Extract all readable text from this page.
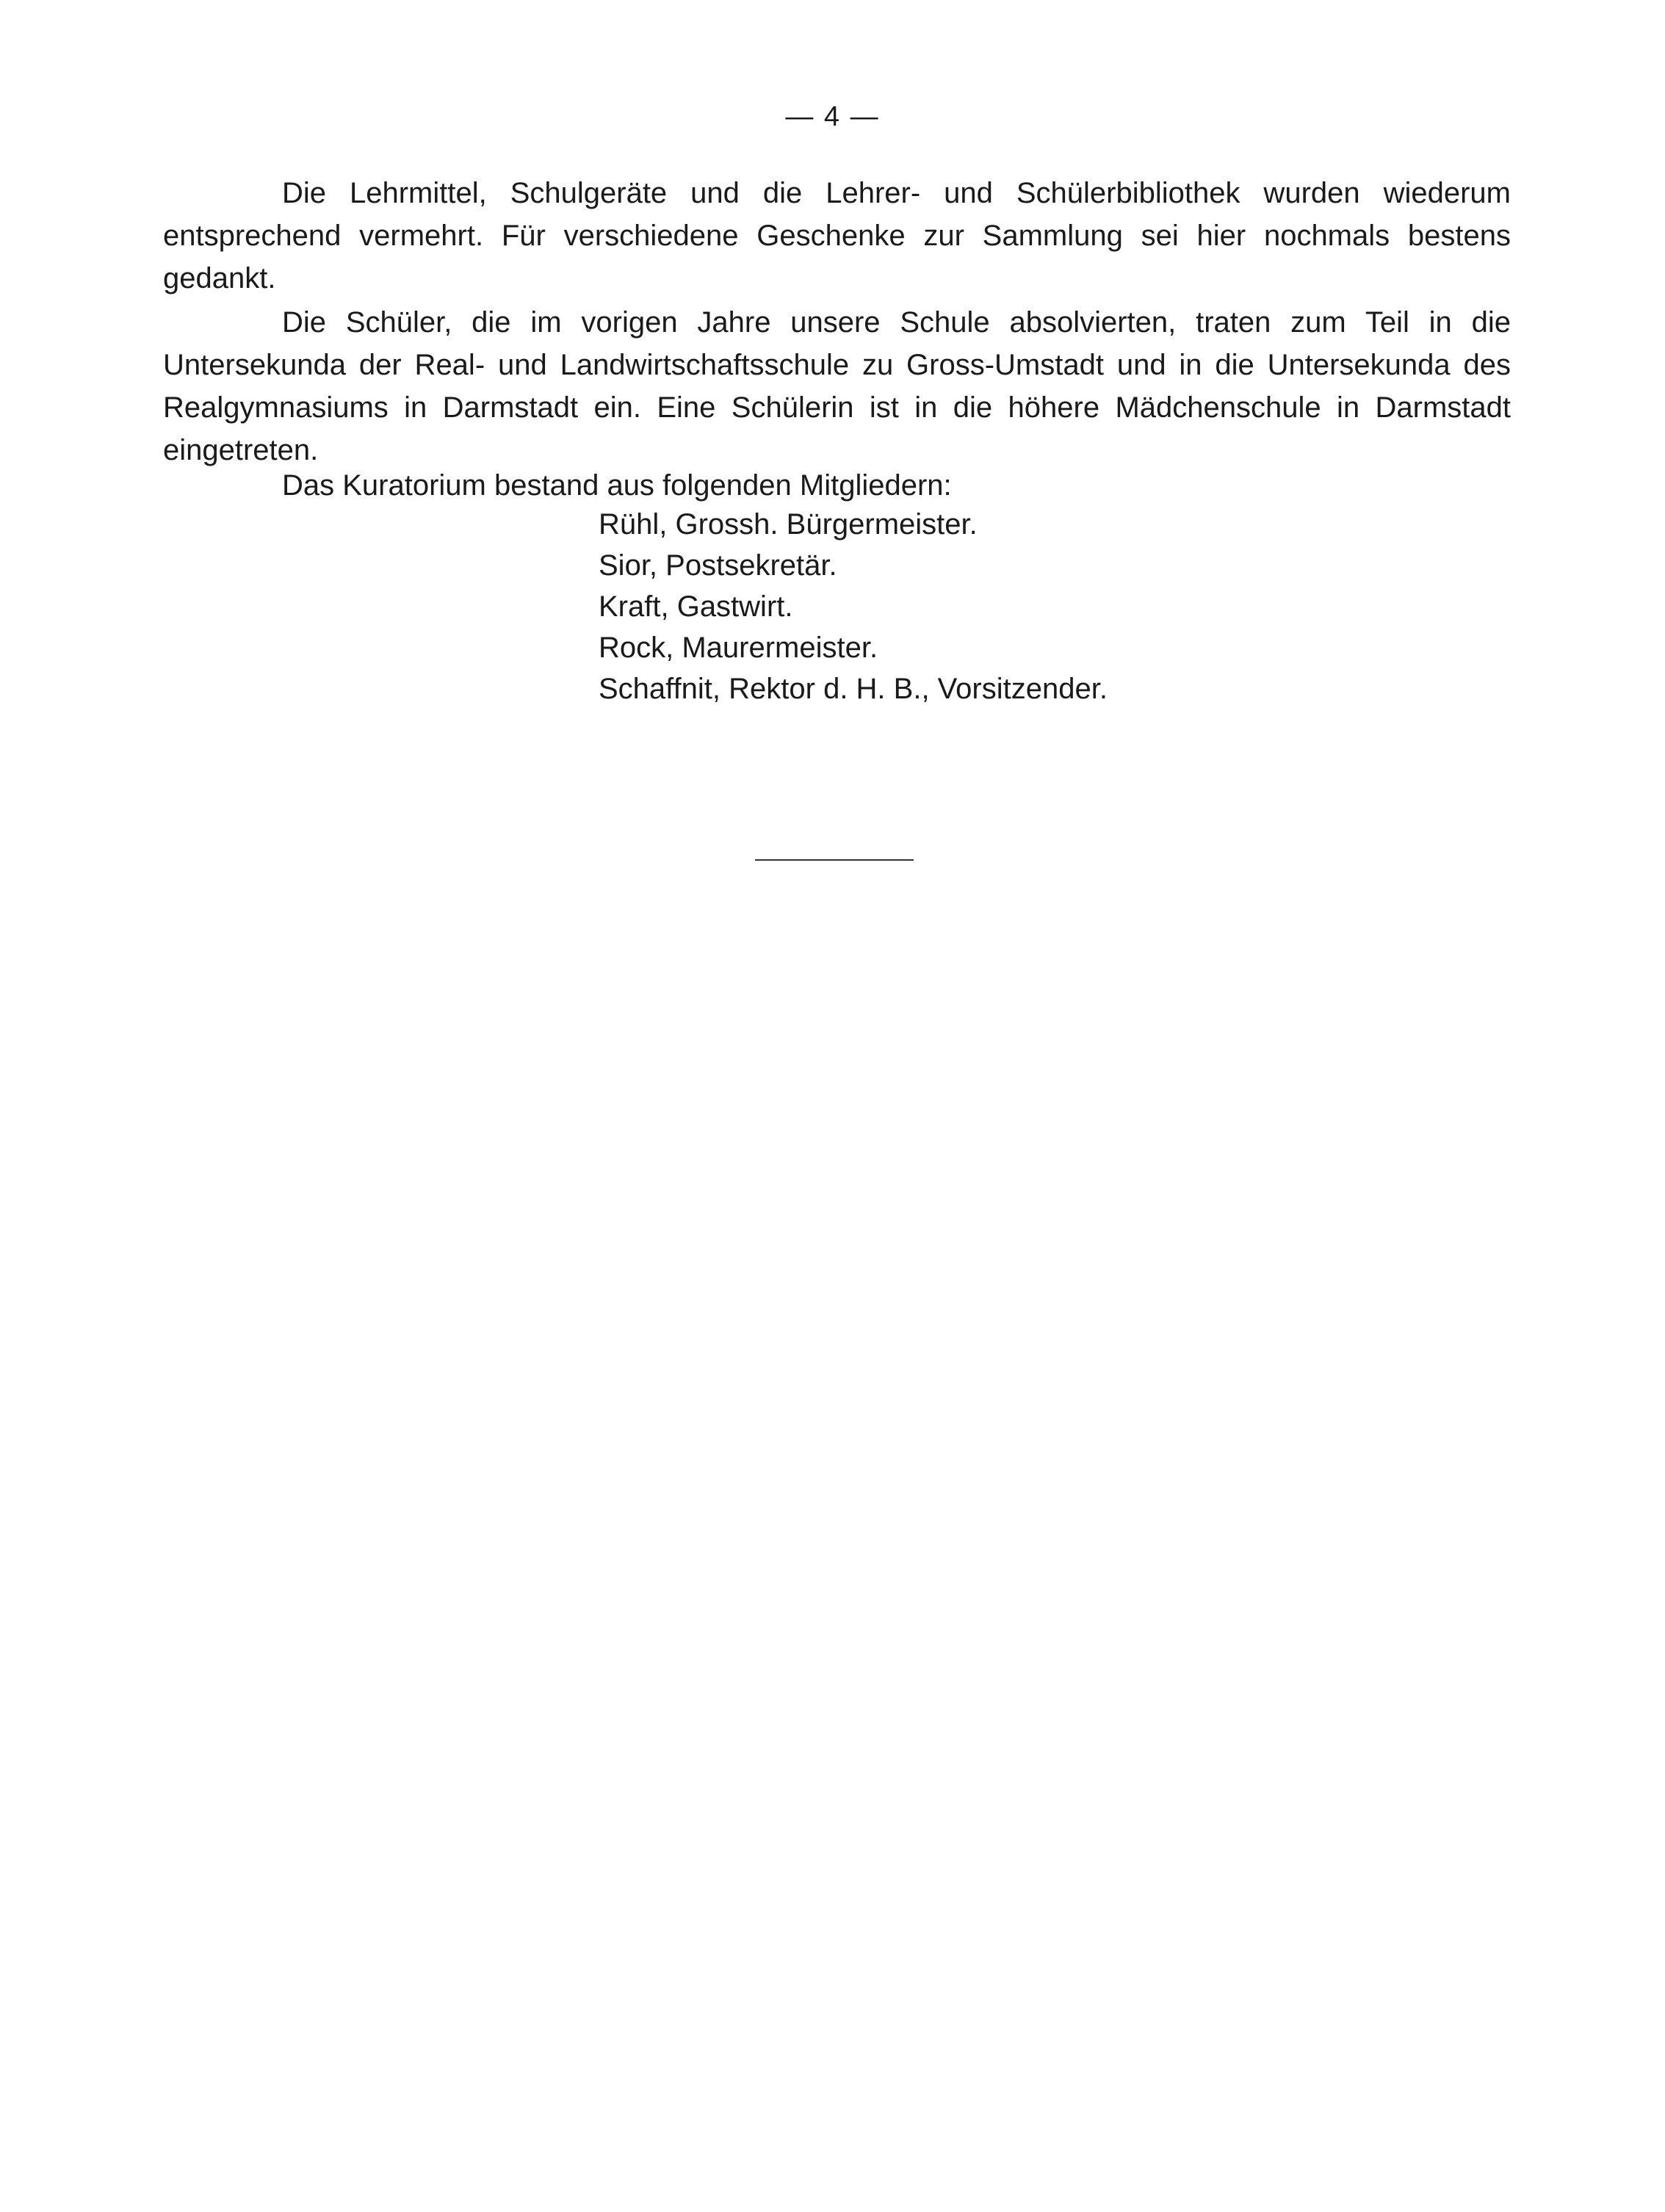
— 4 —

Die Lehrmittel, Schulgeräte und die Lehrer- und Schülerbibliothek wurden wiederum entsprechend vermehrt. Für verschiedene Geschenke zur Sammlung sei hier nochmals bestens gedankt.

Die Schüler, die im vorigen Jahre unsere Schule absolvierten, traten zum Teil in die Untersekunda der Real- und Landwirtschaftsschule zu Gross-Umstadt und in die Untersekunda des Realgymnasiums in Darmstadt ein. Eine Schülerin ist in die höhere Mädchenschule in Darmstadt eingetreten.

Das Kuratorium bestand aus folgenden Mitgliedern:

Rühl, Grossh. Bürgermeister.
Sior, Postsekretär.
Kraft, Gastwirt.
Rock, Maurermeister.
Schaffnit, Rektor d. H. B., Vorsitzender.
